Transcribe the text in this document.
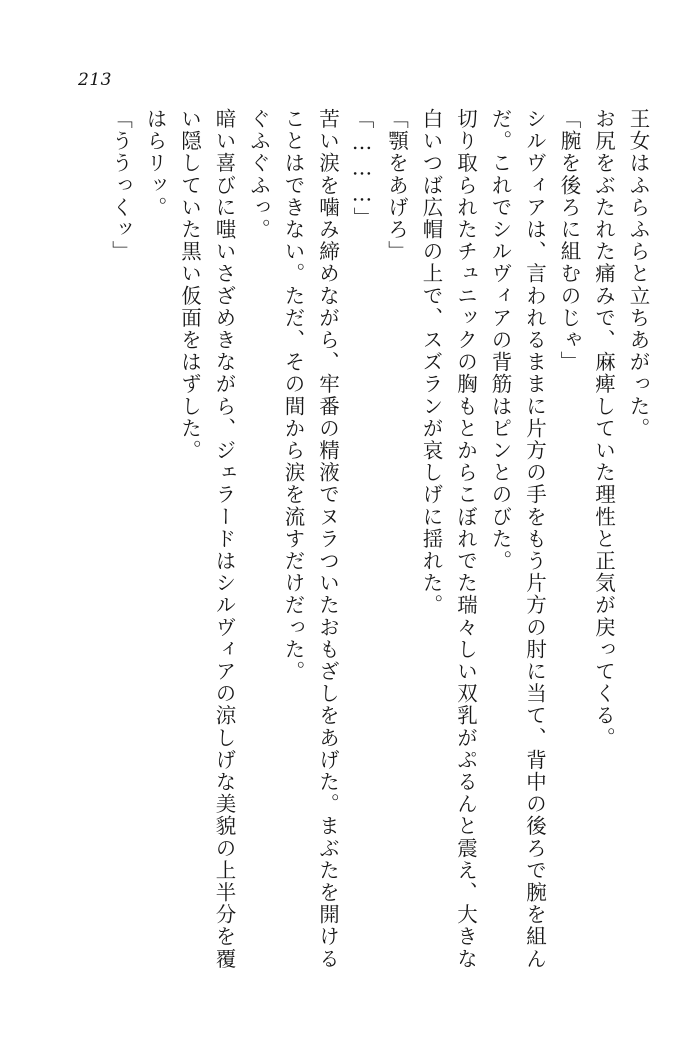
213
「ううっくッ」 はらリッ。 い隠していた黒い仮面をはずした。 暗い喜びに嗤いさざめきながら、ジェラードはシルヴィアの涼しげな美貌の上半分を覆 ぐふぐふっ。 ことはできない。ただ、その間から涙を流すだけだった。 苦い涙を噛み締めながら、牢番の精液でヌラついたおもざしをあげた。まぶたを開ける 「………」 「顎をあげろ」 白いつば広帽の上で、スズランが哀しげに揺れた。 切り取られたチュニックの胸もとからこぼれでた瑞々しい双乳がぷるんと震え、大きな だ。これでシルヴィアの背筋はピンとのびた。 シルヴィアは、言われるままに片方の手をもう片方の肘に当て、背中の後ろで腕を組ん 「腕を後ろに組むのじゃ」 お尻をぶたれた痛みで、麻痺していた理性と正気が戻ってくる。 王女はふらふらと立ちあがった。
